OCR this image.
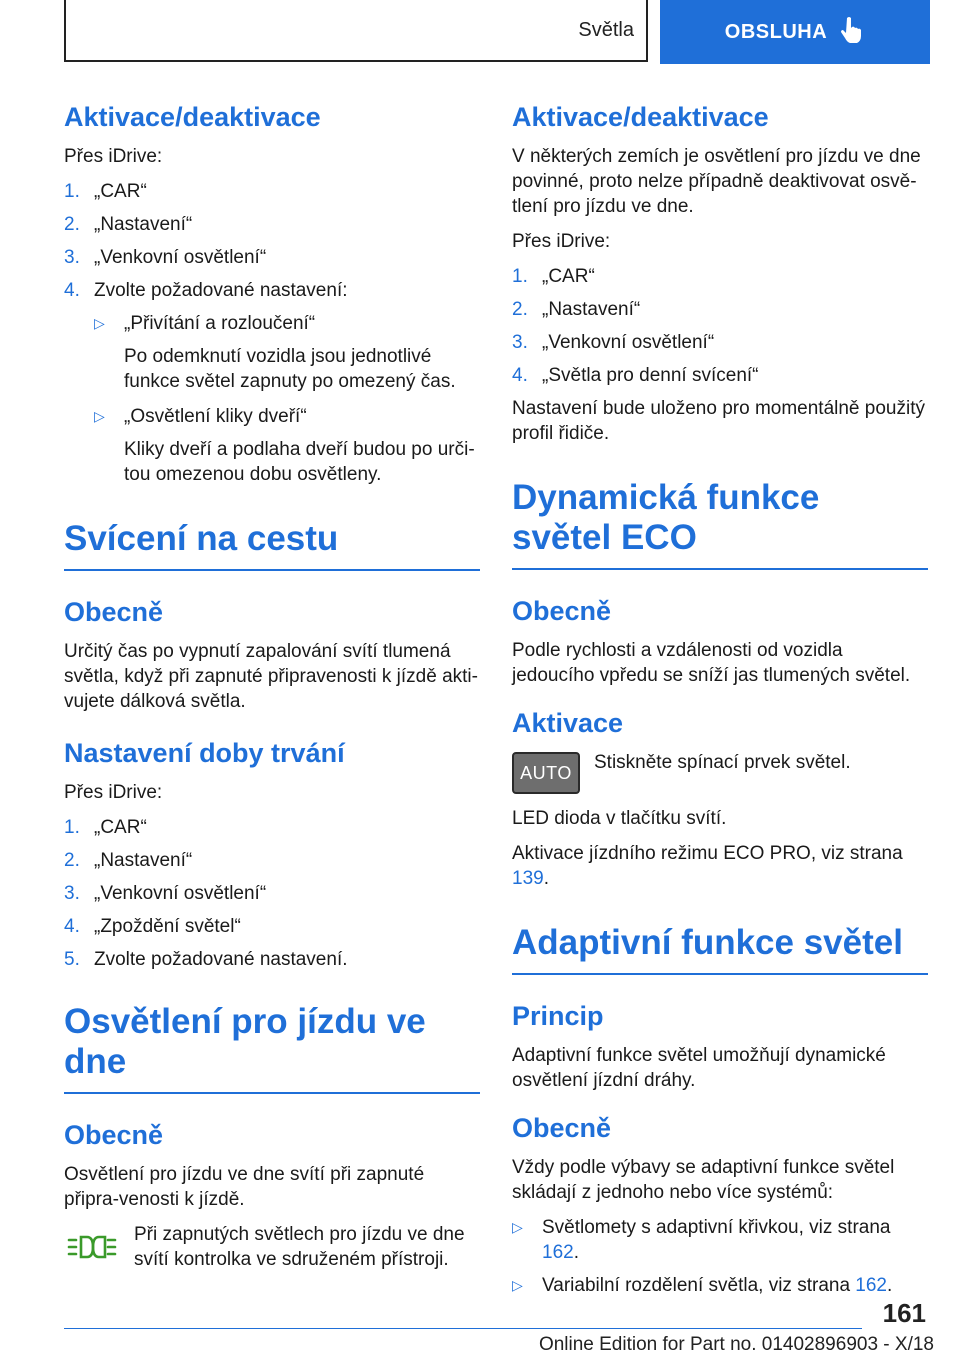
Světla	OBSLUHA
Aktivace/deaktivace

Přes iDrive:

1. „CAR“
2. „Nastavení“
3. „Venkovní osvětlení“
4. Zvolte požadované nastavení:
▷	„Přivítání a rozloučení“
Po odemknutí vozidla jsou jednotlivé funkce světel zapnuty po omezený čas.
▷	„Osvětlení kliky dveří“
Kliky dveří a podlaha dveří budou po urči-tou omezenou dobu osvětleny.
Svícení na cestu
Obecně

Určitý čas po vypnutí zapalování svítí tlumená světla, když při zapnuté připravenosti k jízdě akti-vujete dálková světla.

Nastavení doby trvání

Přes iDrive:

1. „CAR“
2. „Nastavení“
3. „Venkovní osvětlení“
4. „Zpoždění světel“
5. Zvolte požadované nastavení.
Osvětlení pro jízdu ve dne
Obecně

Osvětlení pro jízdu ve dne svítí při zapnuté připra-venosti k jízdě.

Při zapnutých světlech pro jízdu ve dne svítí kontrolka ve sdruženém přístroji.

Aktivace/deaktivace

V některých zemích je osvětlení pro jízdu ve dne povinné, proto nelze případně deaktivovat osvě-tlení pro jízdu ve dne.

Přes iDrive:

1. „CAR“
2. „Nastavení“
3. „Venkovní osvětlení“
4. „Světla pro denní svícení“

Nastavení bude uloženo pro momentálně použitý profil řidiče.

Dynamická funkce světel ECO
Obecně

Podle rychlosti a vzdálenosti od vozidla jedoucího vpředu se sníží jas tlumených světel.

Aktivace
AUTO	Stiskněte spínací prvek světel.

LED dioda v tlačítku svítí.

Aktivace jízdního režimu ECO PRO, viz strana 139.

Adaptivní funkce světel
Princip

Adaptivní funkce světel umožňují dynamické osvětlení jízdní dráhy.

Obecně

Vždy podle výbavy se adaptivní funkce světel skládají z jednoho nebo více systémů:

▷	Světlomety s adaptivní křivkou, viz strana 162.
▷	Variabilní rozdělení světla, viz strana 162.
161
Online Edition for Part no. 01402896903 - X/18
